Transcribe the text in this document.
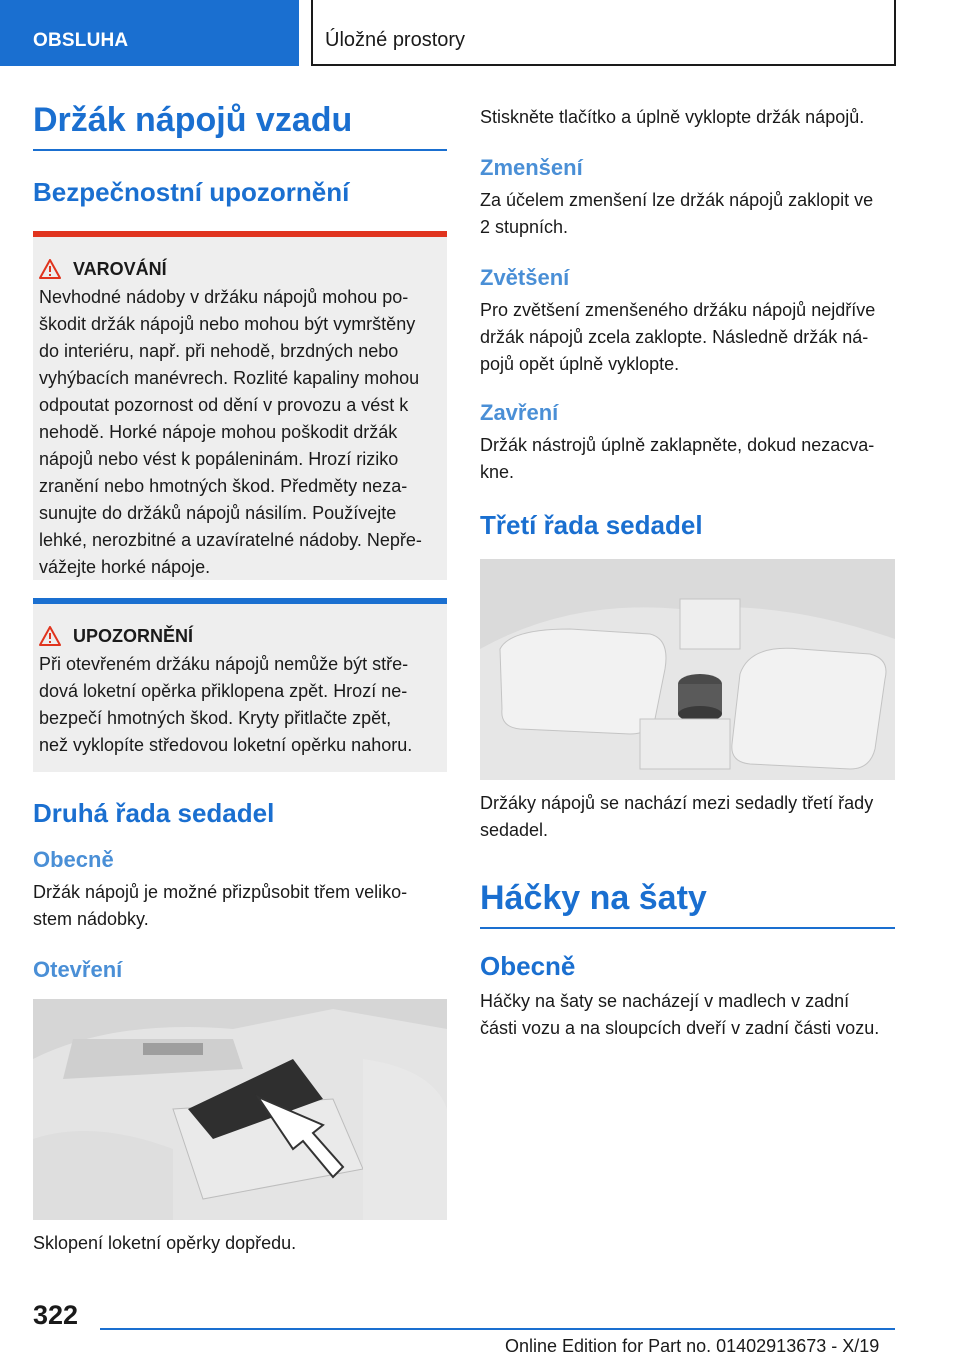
OBSLUHA	Úložné prostory
Držák nápojů vzadu
Bezpečnostní upozornění
VAROVÁNÍ
Nevhodné nádoby v držáku nápojů mohou po-
škodit držák nápojů nebo mohou být vymrštěny
do interiéru, např. při nehodě, brzdných nebo
vyhýbacích manévrech. Rozlité kapaliny mohou
odpoutat pozornost od dění v provozu a vést k
nehodě. Horké nápoje mohou poškodit držák
nápojů nebo vést k popáleninám. Hrozí riziko
zranění nebo hmotných škod. Předměty neza-
sunujte do držáků nápojů násilím. Používejte
lehké, nerozbitné a uzavíratelné nádoby. Nepře-
vážejte horké nápoje.
UPOZORNĚNÍ
Při otevřeném držáku nápojů nemůže být stře-
dová loketní opěrka přiklopena zpět. Hrozí ne-
bezpečí hmotných škod. Kryty přitlačte zpět,
než vyklopíte středovou loketní opěrku nahoru.
Druhá řada sedadel
Obecně
Držák nápojů je možné přizpůsobit třem veliko-
stem nádobky.
Otevření
Sklopení loketní opěrky dopředu.
Stiskněte tlačítko a úplně vyklopte držák nápojů.
Zmenšení
Za účelem zmenšení lze držák nápojů zaklopit ve
2 stupních.
Zvětšení
Pro zvětšení zmenšeného držáku nápojů nejdříve
držák nápojů zcela zaklopte. Následně držák ná-
pojů opět úplně vyklopte.
Zavření
Držák nástrojů úplně zaklapněte, dokud nezacva-
kne.
Třetí řada sedadel
Držáky nápojů se nachází mezi sedadly třetí řady
sedadel.
Háčky na šaty
Obecně
Háčky na šaty se nacházejí v madlech v zadní
části vozu a na sloupcích dveří v zadní části vozu.
322
Online Edition for Part no. 01402913673 - X/19
